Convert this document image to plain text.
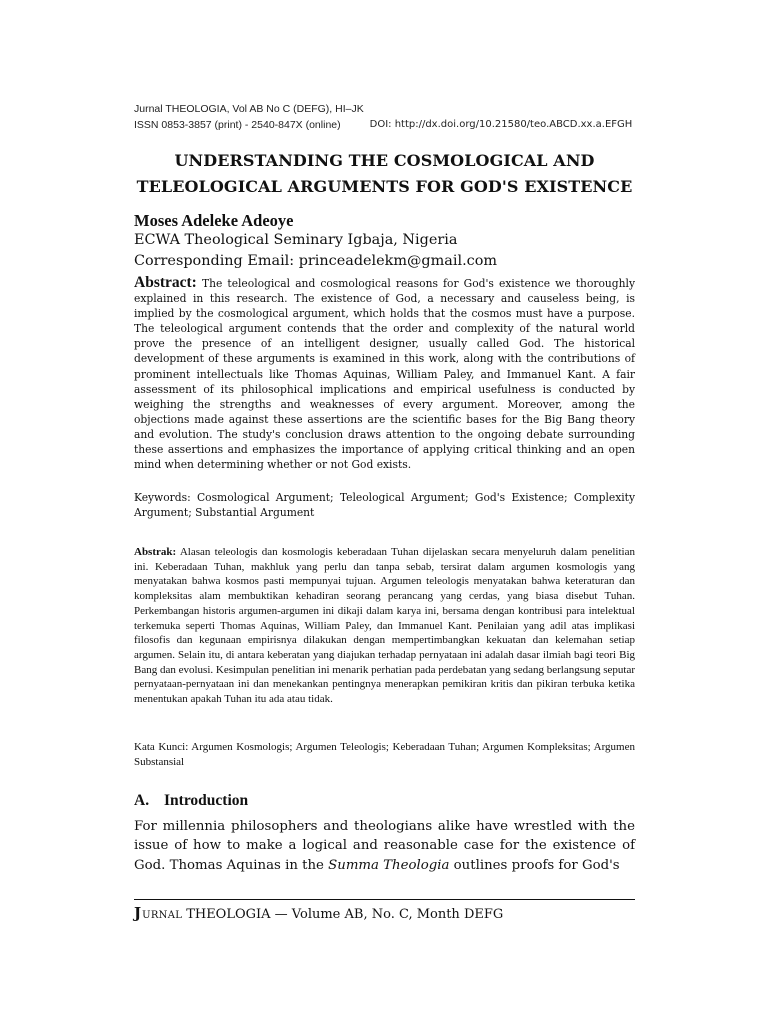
Jurnal THEOLOGIA, Vol AB No C (DEFG), HI–JK
ISSN 0853-3857 (print) - 2540-847X (online)	DOI: http://dx.doi.org/10.21580/teo.ABCD.xx.a.EFGH
UNDERSTANDING THE COSMOLOGICAL AND
TELEOLOGICAL ARGUMENTS FOR GOD'S EXISTENCE
Moses Adeleke Adeoye
ECWA Theological Seminary Igbaja, Nigeria
Corresponding Email: princeadelekm@gmail.com
Abstract: The teleological and cosmological reasons for God's existence we thoroughly explained in this research. The existence of God, a necessary and causeless being, is implied by the cosmological argument, which holds that the cosmos must have a purpose. The teleological argument contends that the order and complexity of the natural world prove the presence of an intelligent designer, usually called God. The historical development of these arguments is examined in this work, along with the contributions of prominent intellectuals like Thomas Aquinas, William Paley, and Immanuel Kant. A fair assessment of its philosophical implications and empirical usefulness is conducted by weighing the strengths and weaknesses of every argument. Moreover, among the objections made against these assertions are the scientific bases for the Big Bang theory and evolution. The study's conclusion draws attention to the ongoing debate surrounding these assertions and emphasizes the importance of applying critical thinking and an open mind when determining whether or not God exists.
Keywords: Cosmological Argument; Teleological Argument; God's Existence; Complexity Argument; Substantial Argument
Abstrak: Alasan teleologis dan kosmologis keberadaan Tuhan dijelaskan secara menyeluruh dalam penelitian ini. Keberadaan Tuhan, makhluk yang perlu dan tanpa sebab, tersirat dalam argumen kosmologis yang menyatakan bahwa kosmos pasti mempunyai tujuan. Argumen teleologis menyatakan bahwa keteraturan dan kompleksitas alam membuktikan kehadiran seorang perancang yang cerdas, yang biasa disebut Tuhan. Perkembangan historis argumen-argumen ini dikaji dalam karya ini, bersama dengan kontribusi para intelektual terkemuka seperti Thomas Aquinas, William Paley, dan Immanuel Kant. Penilaian yang adil atas implikasi filosofis dan kegunaan empirisnya dilakukan dengan mempertimbangkan kekuatan dan kelemahan setiap argumen. Selain itu, di antara keberatan yang diajukan terhadap pernyataan ini adalah dasar ilmiah bagi teori Big Bang dan evolusi. Kesimpulan penelitian ini menarik perhatian pada perdebatan yang sedang berlangsung seputar pernyataan-pernyataan ini dan menekankan pentingnya menerapkan pemikiran kritis dan pikiran terbuka ketika menentukan apakah Tuhan itu ada atau tidak.
Kata Kunci: Argumen Kosmologis; Argumen Teleologis; Keberadaan Tuhan; Argumen Kompleksitas; Argumen Substansial
A. Introduction
For millennia philosophers and theologians alike have wrestled with the issue of how to make a logical and reasonable case for the existence of God. Thomas Aquinas in the Summa Theologia outlines proofs for God's
J URNAL THEOLOGIA — Volume AB, No. C, Month DEFG
